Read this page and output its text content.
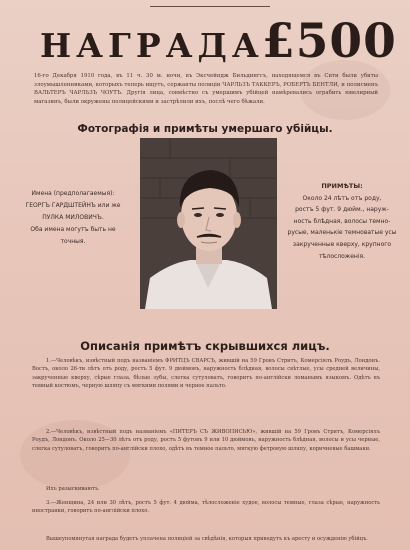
НАГРАДА
£500
16-го Декабря 1910 года, въ 11 ч. 30 м. ночи, въ Эксчейндж Бильдингсъ, находящемся въ Сити были убиты злоумышленниками, которыхъ теперь ищутъ, сержанты полиціи ЧАРЛЬЗЪ ТАККЕРЪ, РОБЕРТЪ БЕНТЛИ, и полисменъ ВАЛЬТЕРЪ ЧАРЛЬЗЪ ЧОУТЪ. Другія лица, совмѣстно съ умершимъ убійцей намѣревались ограбить ювелирный магазинъ, были окружены полицейскими и застрѣлили ихъ, послѣ чего бѣжали.
Фотографія и примѣты умершаго убійцы.
Имена (предполагаемыя):
ГЕОРГЪ ГАРДШТЕЙНЪ или же
ПУЛКА МИЛОВИЧЪ.
Оба имена могутъ быть не
точныя.
ПРИМѢТЫ:
Около 24 лѣтъ отъ роду,
ростъ 5 фут. 9 дюйм., наруж-
ность блѣдная, волосы темно-
русые, маленькіе темноватые усы
закрученные кверху, крупного
тѣлосложенія.
Описанія примѣтъ скрывшихся лицъ.
1.—Человѣкъ, извѣстный подъ названіемъ ФРИТЦЪ СВАРСЪ, жившій на 59 Гровъ Стритъ, Комерсіялъ Роудъ, Лондонъ. Востъ, около 26-ти лѣтъ отъ роду, ростъ 5 фут. 9 дюймовъ, наружность блѣдная, волосы свѣтлые, усы средней величины, закрученные кверху, сѣрые глаза, бѣлые зубы, слегка сутуловатъ, говоритъ по-англійски ломанымъ языкомъ. Одѣтъ въ темный костюмъ, черную шляпу съ мягкими полями и черное пальто.
2.—Человѣкъ, извѣстный подъ названіемъ «ПИТЕРЪ СЪ ЖИВОПИСЬЮ», жившій на 59 Гровъ Стритъ, Комерсіялъ Роудъ, Лондонъ. Около 25—30 лѣтъ отъ роду, ростъ 5 футовъ 9 или 10 дюймовъ, наружность блѣдная, волосы и усы черные, слегка сутуловатъ, говоритъ по-англійски плохо, одѣтъ въ темное пальто, мягкую фетровую шляпу, коричневые башмаки.
Ихъ разыскиваютъ.
3.—Женщина, 24 или 30 лѣтъ, ростъ 5 фут. 4 дюйма, тѣлосложеніе худое, волосы темные, глаза сѣрые, наружность иностранки, говоритъ по-англійски плохо.
Вышеупомянутая награда будетъ уплачена полиціей за свѣдѣнія, которыя приведутъ къ аресту и осужденію убійцъ.
